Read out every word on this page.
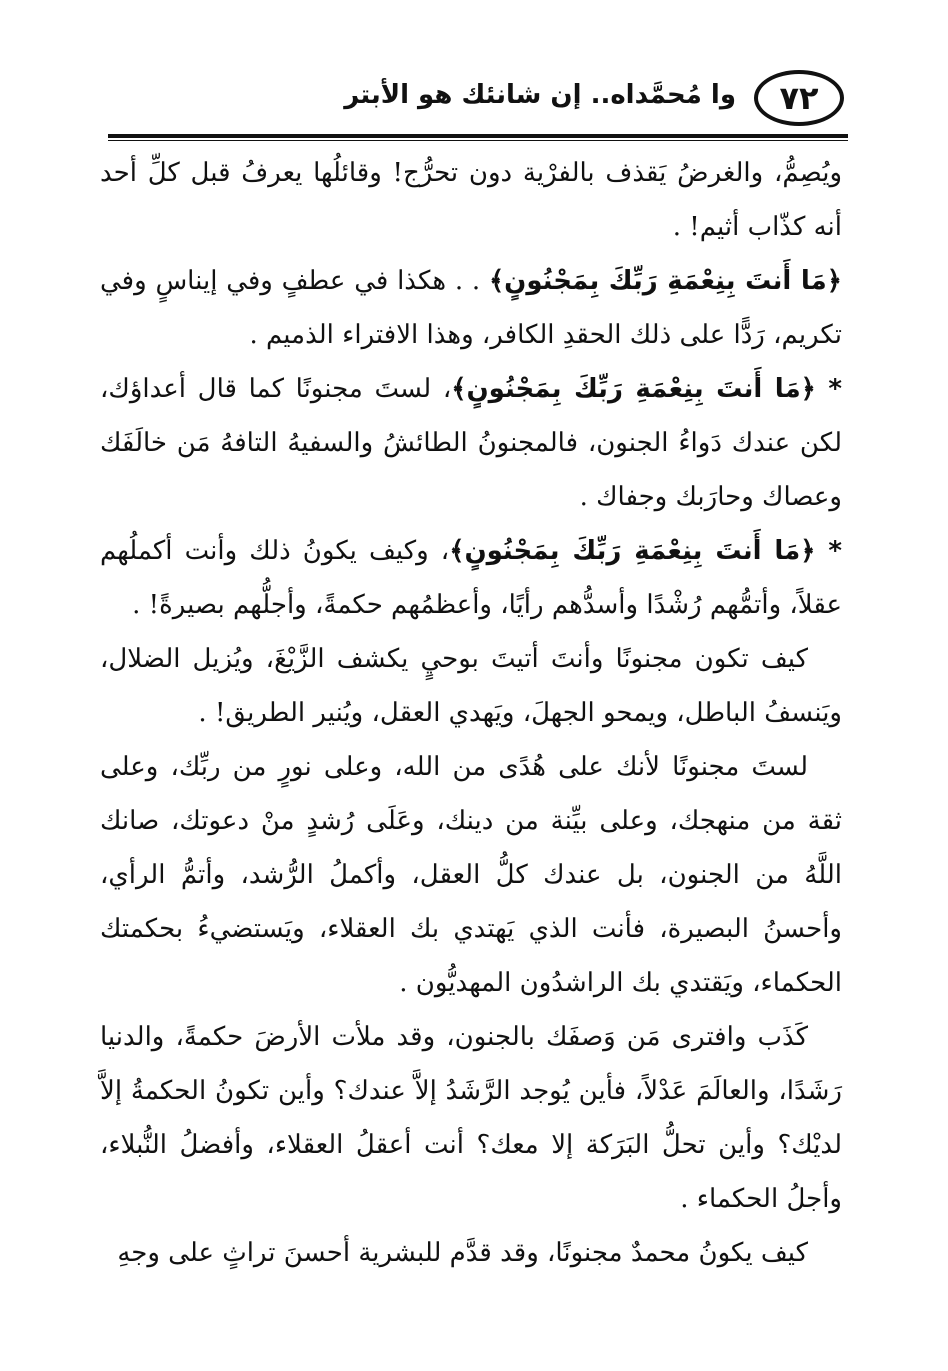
٧٢
وا مُحمَّداه.. إن شانئك هو الأبتر

ويُصِمُّ، والغرضُ يَقذف بالفرْية دون تحرُّج! وقائلُها يعرفُ قبل كلِّ أحد أنه كذّاب أثيم! .

﴿مَا أَنتَ بِنِعْمَةِ رَبِّكَ بِمَجْنُونٍ﴾ . . هكذا في عطفٍ وفي إيناسٍ وفي تكريم، رَدًّا على ذلك الحقدِ الكافر، وهذا الافتراء الذميم .

* ﴿مَا أَنتَ بِنِعْمَةِ رَبِّكَ بِمَجْنُونٍ﴾، لستَ مجنونًا كما قال أعداؤك، لكن عندك دَواءُ الجنون، فالمجنونُ الطائشُ والسفيهُ التافهُ مَن خالَفَك وعصاك وحارَبك وجفاك .

* ﴿مَا أَنتَ بِنِعْمَةِ رَبِّكَ بِمَجْنُونٍ﴾، وكيف يكونُ ذلك وأنت أكملُهم عقلاً، وأتمُّهم رُشْدًا وأسدُّهم رأيًا، وأعظمُهم حكمةً، وأجلُّهم بصيرةً! .

كيف تكون مجنونًا وأنتَ أتيتَ بوحيٍ يكشف الزَّيْغَ، ويُزيل الضلال، ويَنسفُ الباطل، ويمحو الجهلَ، ويَهدي العقل، ويُنير الطريق! .

لستَ مجنونًا لأنك على هُدًى من الله، وعلى نورٍ من ربِّك، وعلى ثقة من منهجك، وعلى بيِّنة من دينك، وعَلَى رُشدٍ منْ دعوتك، صانك اللَّهُ من الجنون، بل عندك كلُّ العقل، وأكملُ الرُّشد، وأتمُّ الرأي، وأحسنُ البصيرة، فأنت الذي يَهتدي بك العقلاء، ويَستضيءُ بحكمتك الحكماء، ويَقتدي بك الراشدُون المهديُّون .

كَذَب وافترى مَن وَصفَك بالجنون، وقد ملأت الأرضَ حكمةً، والدنيا رَشَدًا، والعالَمَ عَدْلاً، فأين يُوجد الرَّشَدُ إلاَّ عندك؟ وأين تكونُ الحكمةُ إلاَّ لديْك؟ وأين تحلُّ البَرَكة إلا معك؟ أنت أعقلُ العقلاء، وأفضلُ النُّبلاء، وأجلُ الحكماء .

كيف يكونُ محمدٌ مجنونًا، وقد قدَّم للبشرية أحسنَ تراثٍ على وجهِ
